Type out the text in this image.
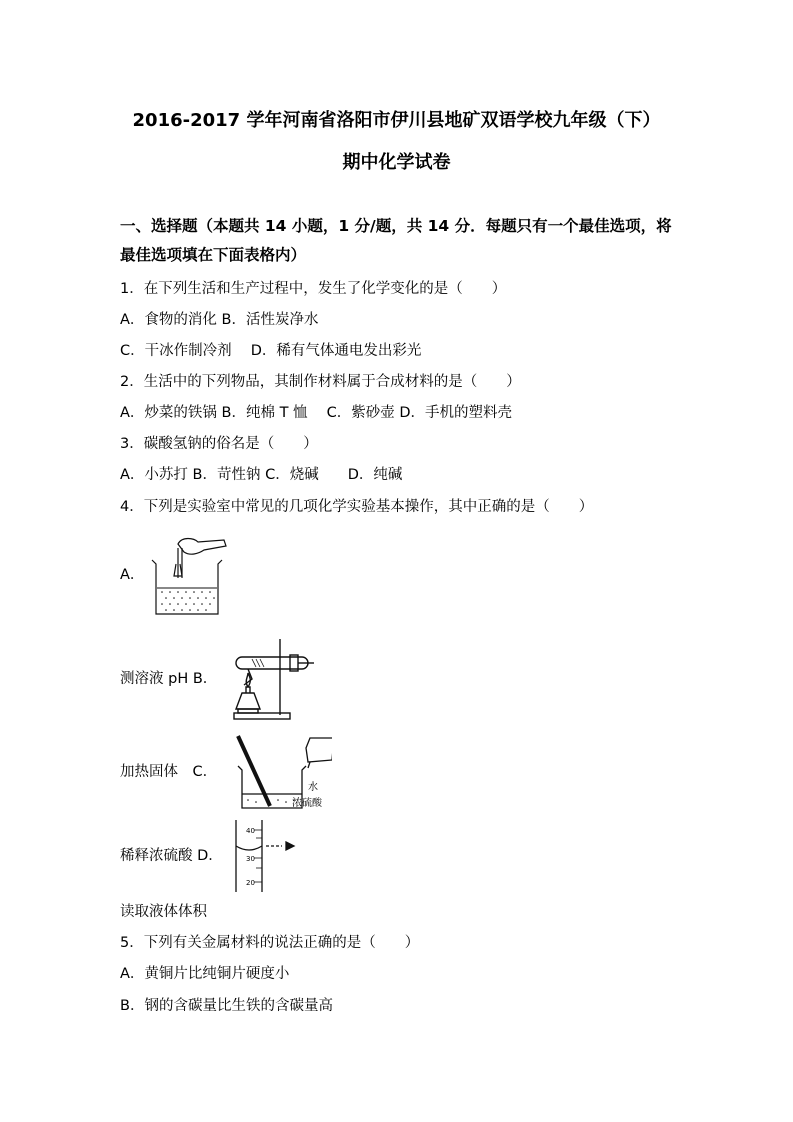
2016-2017 学年河南省洛阳市伊川县地矿双语学校九年级（下）
期中化学试卷
一、选择题（本题共 14 小题，1 分/题，共 14 分．每题只有一个最佳选项，将
最佳选项填在下面表格内）
1．在下列生活和生产过程中，发生了化学变化的是（　　）
A．食物的消化 B．活性炭净水
C．干冰作制冷剂　 D．稀有气体通电发出彩光
2．生活中的下列物品，其制作材料属于合成材料的是（　　）
A．炒菜的铁锅 B．纯棉 T 恤　 C．紫砂壶 D．手机的塑料壳
3．碳酸氢钠的俗名是（　　）
A．小苏打 B．苛性钠 C．烧碱　　D．纯碱
4．下列是实验室中常见的几项化学实验基本操作，其中正确的是（　　）
A．
测溶液 pH B．
加热固体　C．
稀释浓硫酸 D．
读取液体体积
5．下列有关金属材料的说法正确的是（　　）
A．黄铜片比纯铜片硬度小
B．钢的含碳量比生铁的含碳量高
水
浓硫酸
40
30
20
